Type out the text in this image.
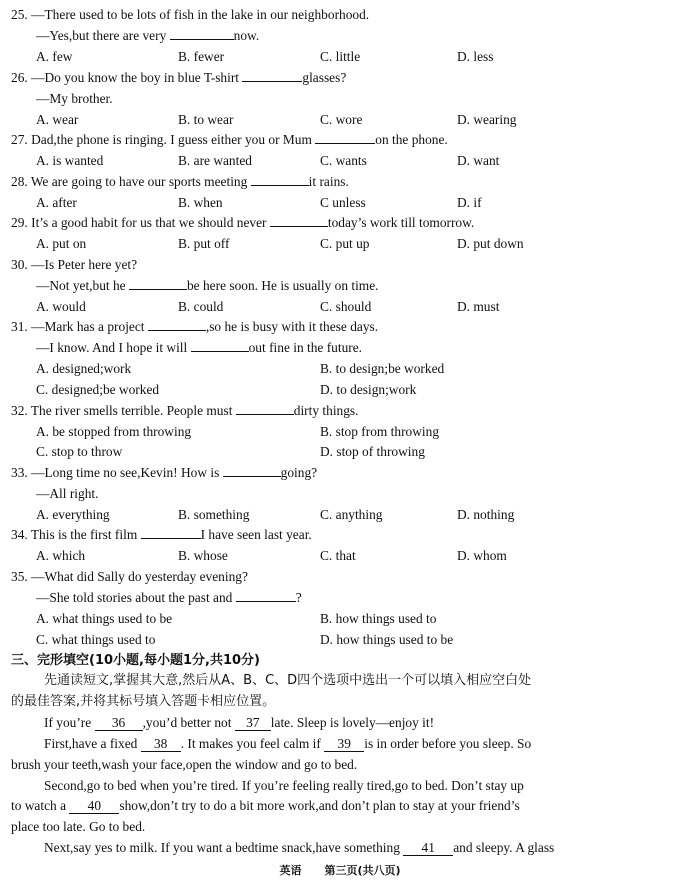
25. —There used to be lots of fish in the lake in our neighborhood.
—Yes,but there are very	now.
A. few	B. fewer	C. little	D. less
26. —Do you know the boy in blue T-shirt	glasses?
—My brother.
A. wear	B. to wear	C. wore	D. wearing
27. Dad,the phone is ringing. I guess either you or Mum	on the phone.
A. is wanted	B. are wanted	C. wants	D. want
28. We are going to have our sports meeting	it rains.
A. after	B. when	C unless	D. if
29. It’s a good habit for us that we should never	today’s work till tomorrow.
A. put on	B. put off	C. put up	D. put down
30. —Is Peter here yet?
—Not yet,but he	be here soon. He is usually on time.
A. would	B. could	C. should	D. must
31. —Mark has a project	,so he is busy with it these days.
—I know. And I hope it will	out fine in the future.
A. designed;work	B. to design;be worked
C. designed;be worked	D. to design;work
32. The river smells terrible. People must	dirty things.
A. be stopped from throwing	B. stop from throwing
C. stop to throw	D. stop of throwing
33. —Long time no see,Kevin! How is	going?
—All right.
A. everything	B. something	C. anything	D. nothing
34. This is the first film	I have seen last year.
A. which	B. whose	C. that	D. whom
35. —What did Sally do yesterday evening?
—She told stories about the past and	?
A. what things used to be	B. how things used to
C. what things used to	D. how things used to be
三、完形填空(10小题,每小题1分,共10分)
先通读短文,掌握其大意,然后从A、B、C、D四个选项中选出一个可以填入相应空白处
的最佳答案,并将其标号填入答题卡相应位置。
If you’re 36 ,you’d better not 37 late. Sleep is lovely—enjoy it!
First,have a fixed 38 . It makes you feel calm if 39 is in order before you sleep. So
brush your teeth,wash your face,open the window and go to bed.
Second,go to bed when you’re tired. If you’re feeling really tired,go to bed. Don’t stay up
to watch a 40 show,don’t try to do a bit more work,and don’t plan to stay at your friend’s
place too late. Go to bed.
Next,say yes to milk. If you want a bedtime snack,have something 41 and sleepy. A glass
英语 第三页(共八页)
